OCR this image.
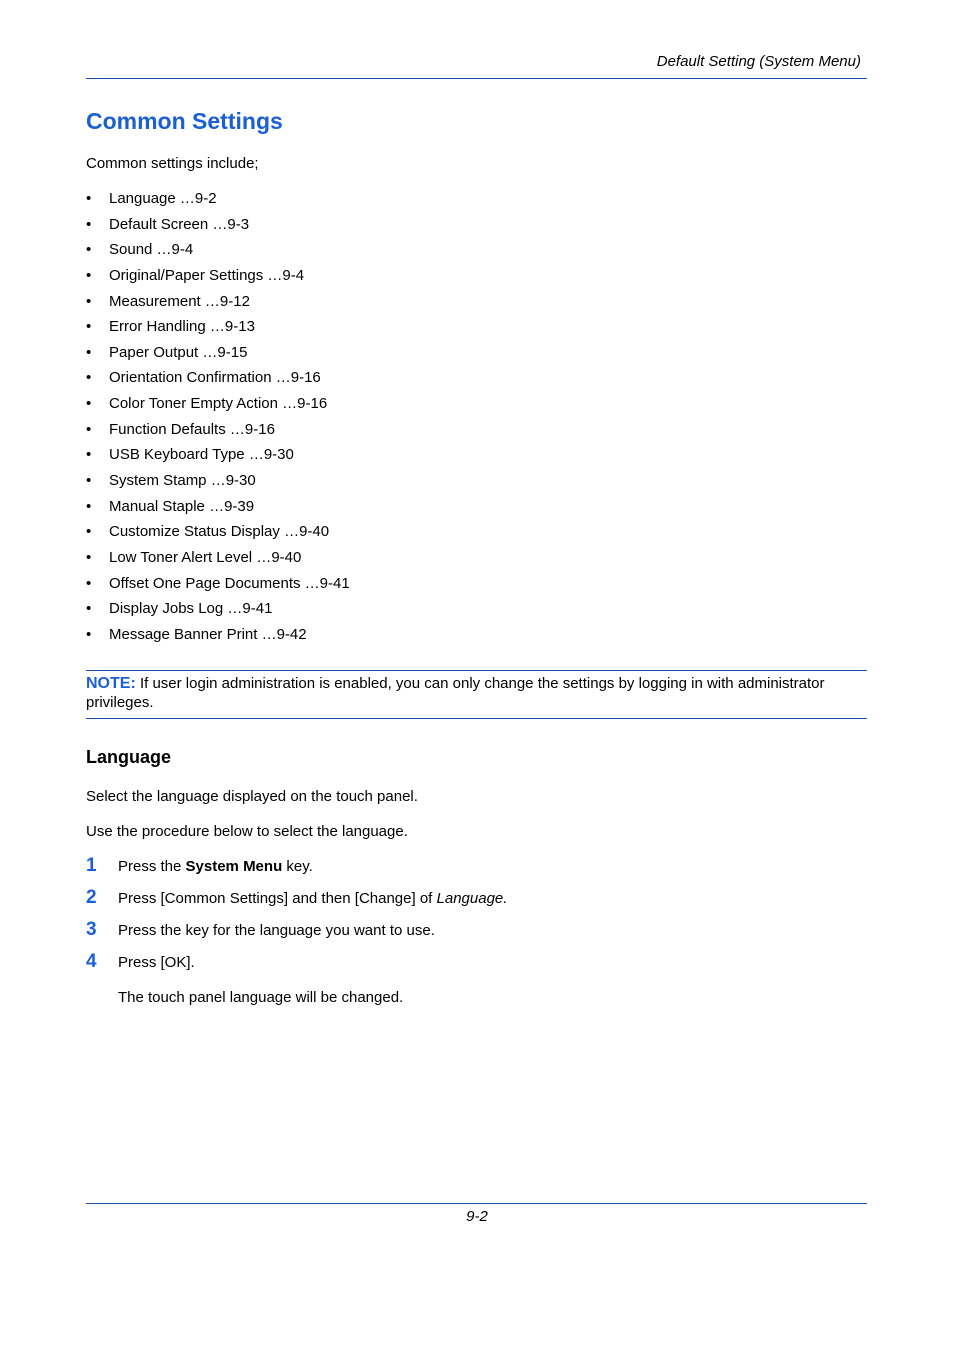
Default Setting (System Menu)
Common Settings
Common settings include;
• Language …9-2
• Default Screen …9-3
• Sound …9-4
• Original/Paper Settings …9-4
• Measurement …9-12
• Error Handling …9-13
• Paper Output …9-15
• Orientation Confirmation …9-16
• Color Toner Empty Action …9-16
• Function Defaults …9-16
• USB Keyboard Type …9-30
• System Stamp …9-30
• Manual Staple …9-39
• Customize Status Display …9-40
• Low Toner Alert Level …9-40
• Offset One Page Documents …9-41
• Display Jobs Log …9-41
• Message Banner Print …9-42
NOTE: If user login administration is enabled, you can only change the settings by logging in with administrator privileges.
Language
Select the language displayed on the touch panel.
Use the procedure below to select the language.
1 Press the System Menu key.
2 Press [Common Settings] and then [Change] of Language.
3 Press the key for the language you want to use.
4 Press [OK].
The touch panel language will be changed.
9-2
